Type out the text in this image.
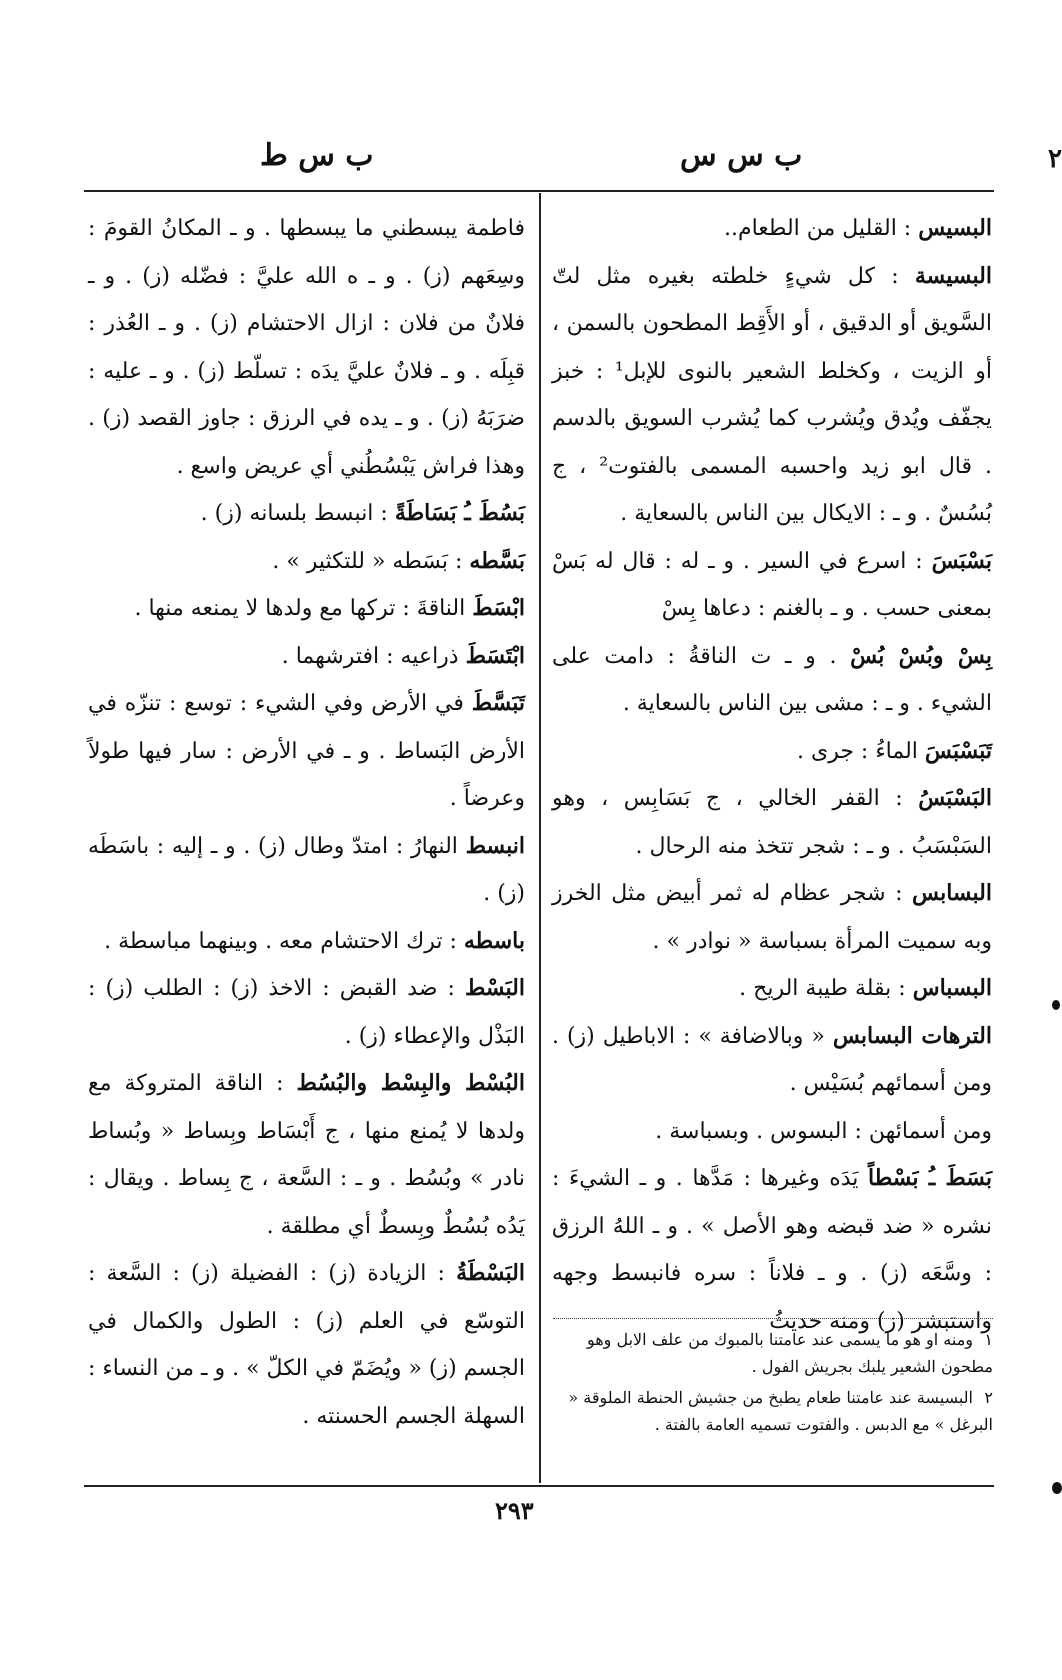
۲
ب س س
ب س ط

البسيس : القليل من الطعام..

البسيسة : كل شيءٍ خلطته بغيره مثل لتّ السَّويق أو الدقيق ، أو الأَقِط المطحون بالسمن ، أو الزيت ، وكخلط الشعير بالنوى للإبل¹ : خبز يجفّف ويُدق ويُشرب كما يُشرب السويق بالدسم . قال ابو زيد واحسبه المسمى بالفتوت² ، ج بُسُسٌ . و ـ : الايكال بين الناس بالسعاية .

بَسْبَسَ : اسرع في السير . و ـ له : قال له بَسْ بمعنى حسب . و ـ بالغنم : دعاها بِسْ

بِسْ وبُسْ بُسْ . و ـ ت الناقةُ : دامت على الشيء . و ـ : مشى بين الناس بالسعاية .

تَبَسْبَسَ الماءُ : جرى .

البَسْبَسُ : القفر الخالي ، ج بَسَابِس ، وهو السَبْسَبُ . و ـ : شجر تتخذ منه الرحال .

البسابس : شجر عظام له ثمر أبيض مثل الخرز وبه سميت المرأة بسباسة « نوادر » .

البسباس : بقلة طيبة الريح .

الترهات البسابس « وبالاضافة » : الاباطيل (ز) . ومن أسمائهم بُسَيْس .

ومن أسمائهن : البسوس . وبسباسة .

بَسَطَ ـُ بَسْطاً يَدَه وغيرها : مَدَّها . و ـ الشيءَ : نشره « ضد قبضه وهو الأصل » . و ـ اللهُ الرزق : وسَّعَه (ز) . و ـ فلاناً : سره فانبسط وجهه واستبشر (ز) ومنه حديثُ

فاطمة يبسطني ما يبسطها . و ـ المكانُ القومَ : وسِعَهم (ز) . و ـ ه الله عليَّ : فضّله (ز) . و ـ فلانٌ من فلان : ازال الاحتشام (ز) . و ـ العُذر : قبِلَه . و ـ فلانٌ عليَّ يدَه : تسلّط (ز) . و ـ عليه : ضرَبَهُ (ز) . و ـ يده في الرزق : جاوز القصد (ز) . وهذا فراش يَبْسُطُني أي عريض واسع .

بَسُطَ ـُ بَسَاطَةً : انبسط بلسانه (ز) .

بَسَّطه : بَسَطه « للتكثير » .

ابْسَطَ الناقةَ : تركها مع ولدها لا يمنعه منها .

ابْتَسَطَ ذراعيه : افترشهما .

تَبَسَّطَ في الأرض وفي الشيء : توسع : تنزّه في الأرض البَساط . و ـ في الأرض : سار فيها طولاً وعرضاً .

انبسط النهارُ : امتدّ وطال (ز) . و ـ إليه : باسَطَه (ز) .

باسطه : ترك الاحتشام معه . وبينهما مباسطة .

البَسْط : ضد القبض : الاخذ (ز) : الطلب (ز) : البَذْل والإعطاء (ز) .

البُسْط والبِسْط والبُسُط : الناقة المتروكة مع ولدها لا يُمنع منها ، ج أَبْسَاط وبِساط « وبُساط نادر » وبُسُط . و ـ : السَّعة ، ج بِساط . ويقال : يَدُه بُسُطٌ وبِسطٌ أي مطلقة .

البَسْطَةُ : الزيادة (ز) : الفضيلة (ز) : السَّعة : التوسّع في العلم (ز) : الطول والكمال في الجسم (ز) « ويُضَمّ في الكلّ » . و ـ من النساء : السهلة الجسم الحسنته .

١ومنه او هو ما يسمى عند عامتنا بالمبوك من علف الابل وهو مطحون الشعير يلبك بجريش الفول .

٢البسيسة عند عامتنا طعام يطبخ من جشيش الحنطة الملوقة « البرغل » مع الدبس . والفتوت تسميه العامة بالفتة .

٢٩٣
